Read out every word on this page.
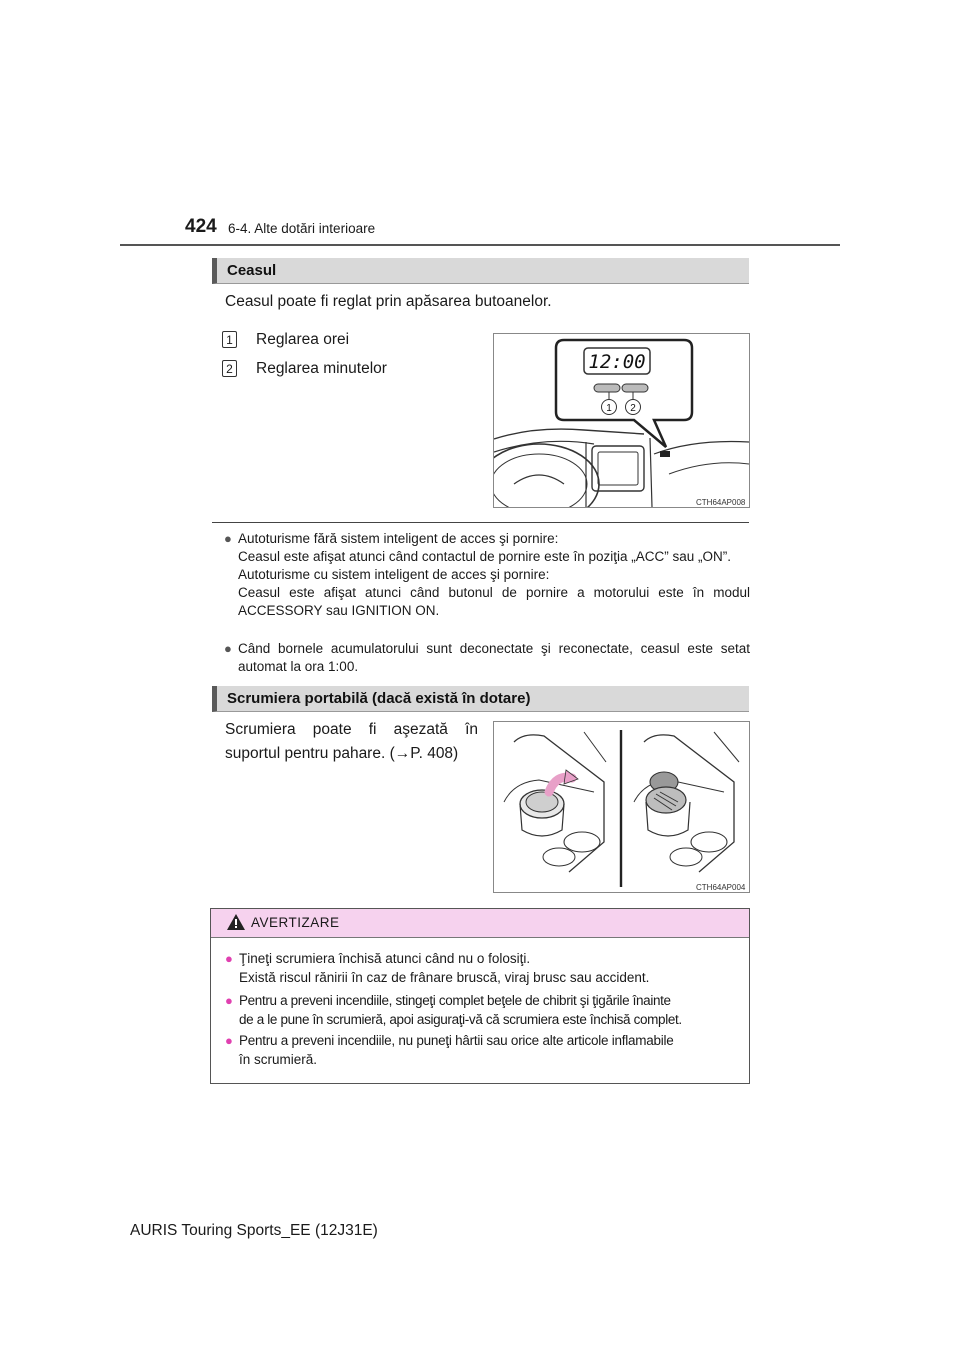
424 6-4. Alte dotări interioare
Ceasul
Ceasul poate fi reglat prin apăsarea butoanelor.
1 Reglarea orei
2 Reglarea minutelor	12:00
1 2
CTH64AP008
● Autoturisme fără sistem inteligent de acces şi pornire:
Ceasul este afişat atunci când contactul de pornire este în poziţia „ACC” sau „ON”.
Autoturisme cu sistem inteligent de acces şi pornire:
Ceasul este afişat atunci când butonul de pornire a motorului este în modul ACCESSORY sau IGNITION ON.
● Când bornele acumulatorului sunt deconectate şi reconectate, ceasul este setat automat la ora 1:00.
Scrumiera portabilă (dacă există în dotare)
Scrumiera poate fi aşezată în
suportul pentru pahare. (→P. 408)
CTH64AP004
AVERTIZARE
● Ţineţi scrumiera închisă atunci când nu o folosiţi.
Există riscul rănirii în caz de frânare bruscă, viraj brusc sau accident.
● Pentru a preveni incendiile, stingeţi complet beţele de chibrit şi ţigările înainte
de a le pune în scrumieră, apoi asiguraţi-vă că scrumiera este închisă complet.
● Pentru a preveni incendiile, nu puneţi hârtii sau orice alte articole inflamabile
în scrumieră.
AURIS Touring Sports_EE (12J31E)
